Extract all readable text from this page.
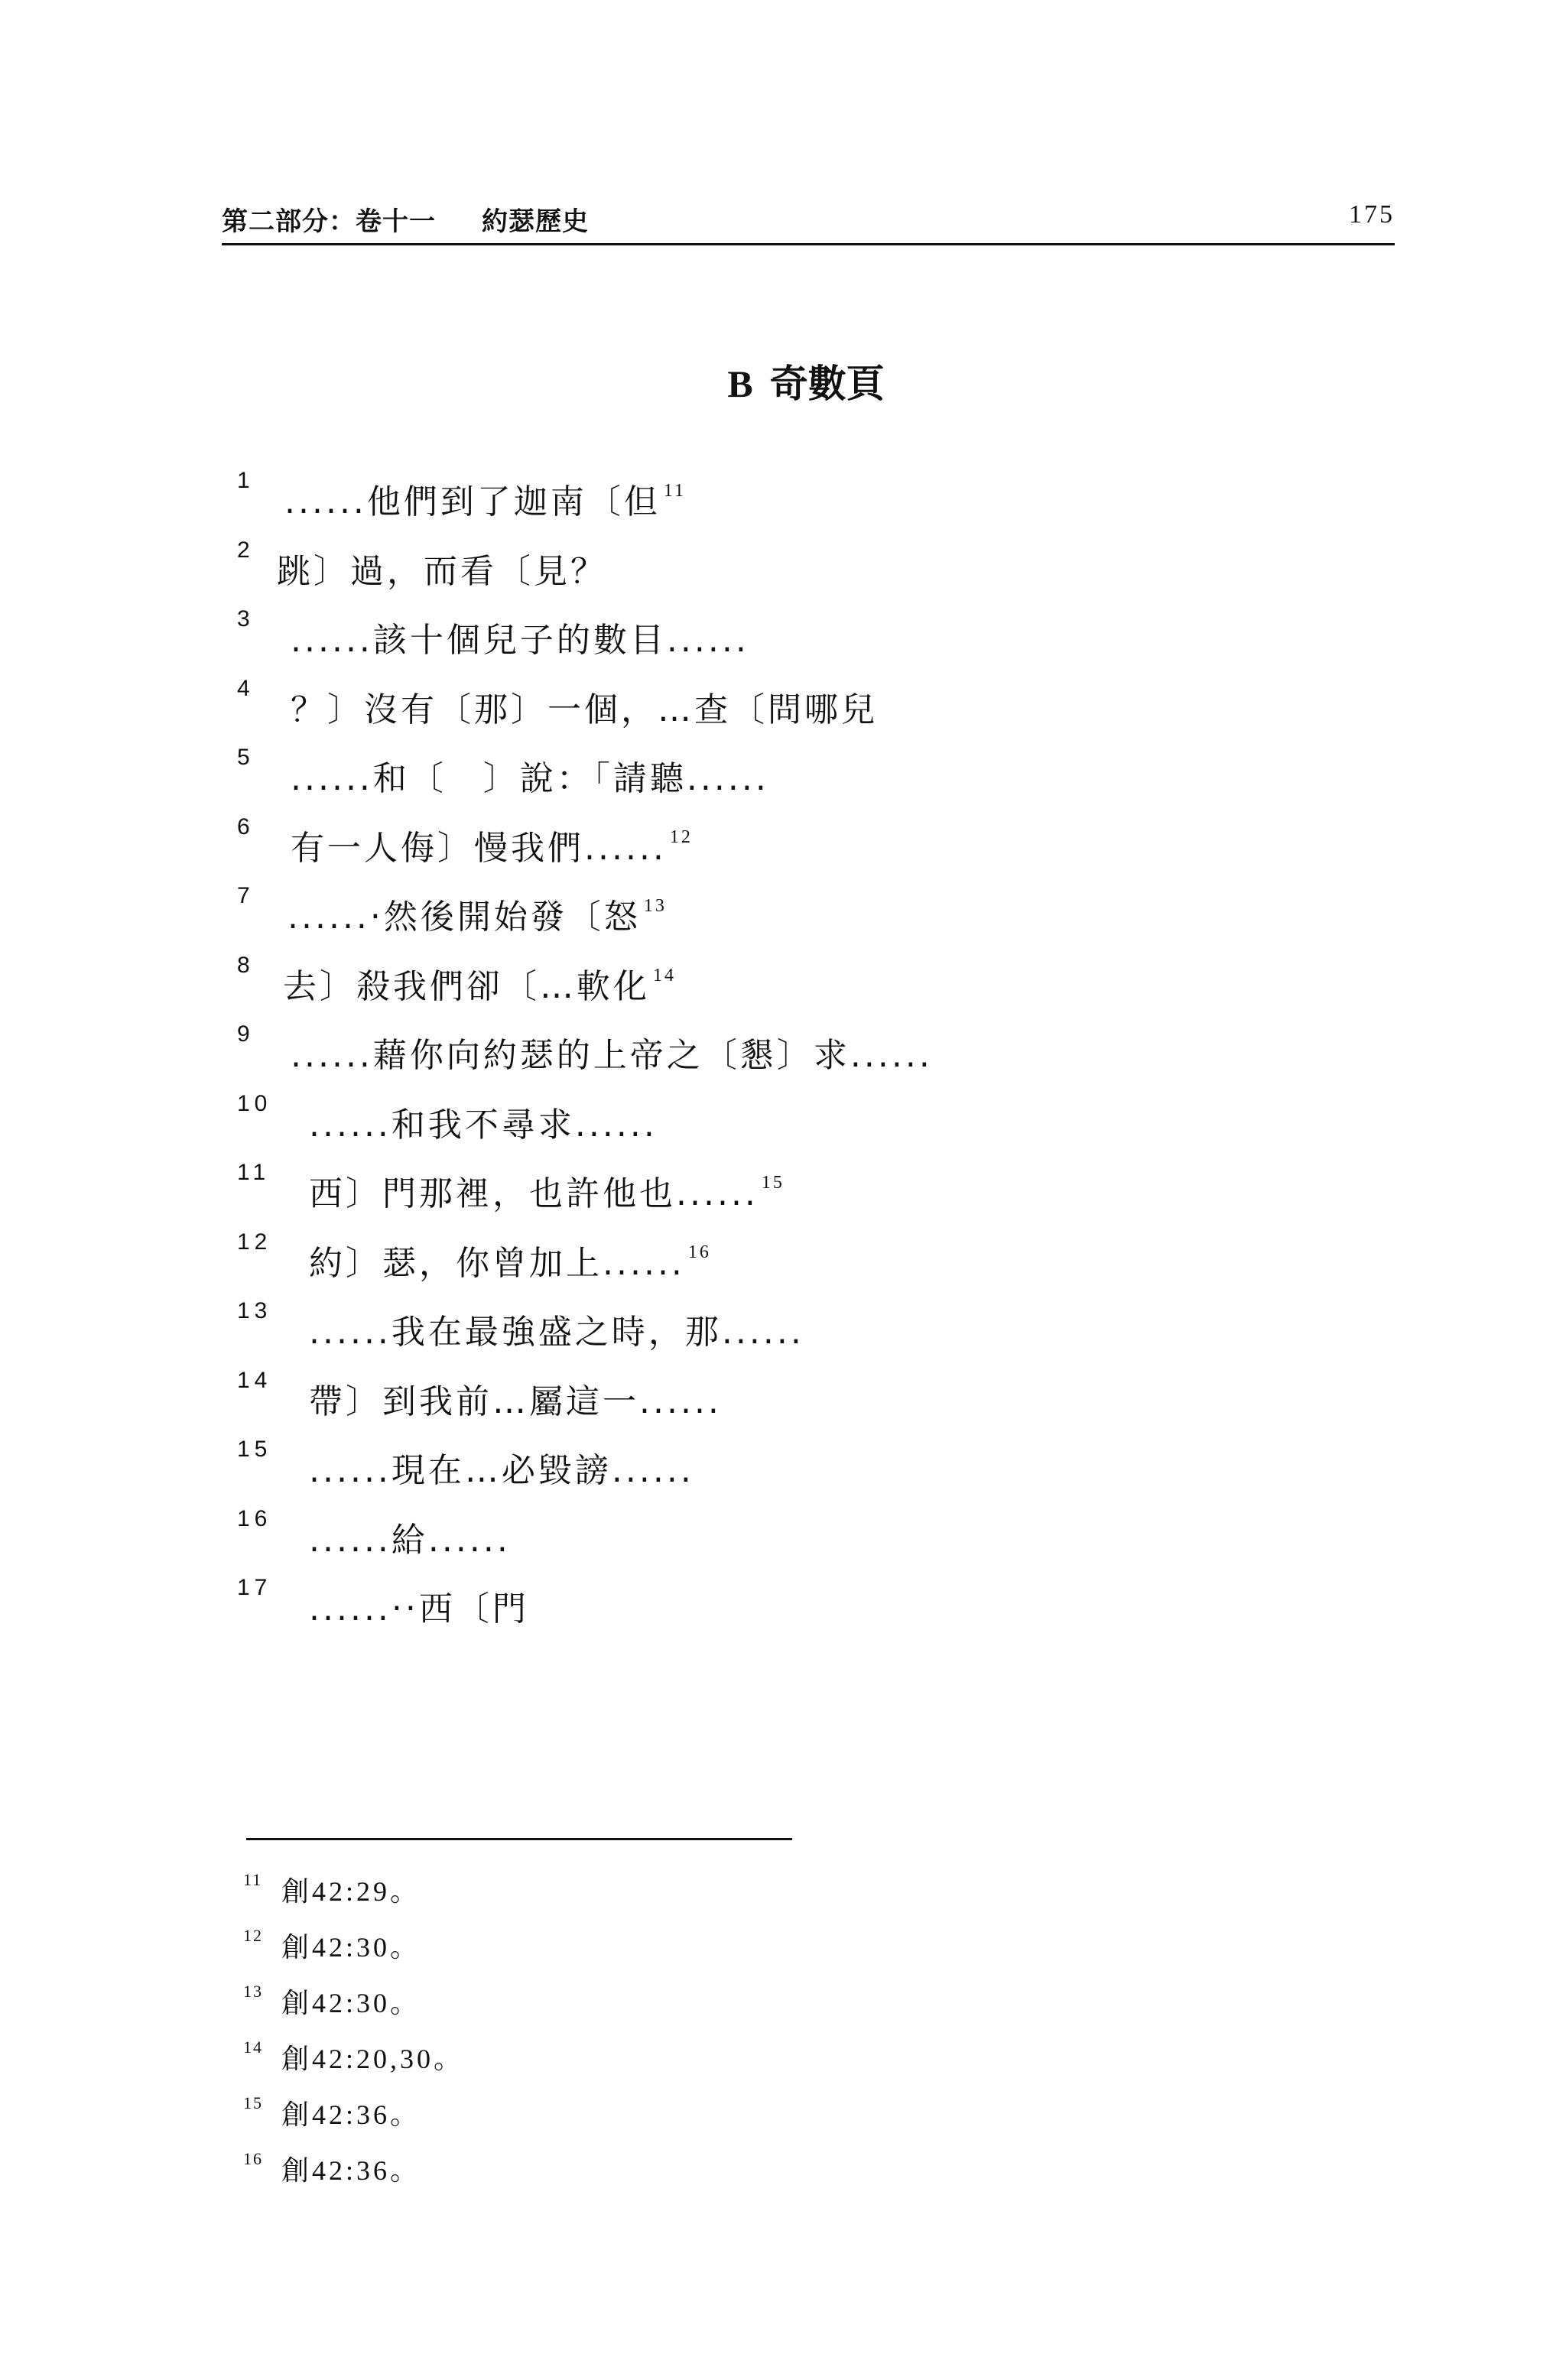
第二部分：卷十一 約瑟歷史	175
B 奇數頁
1
......他們到了迦南〔但 $^{11}$
2
跳〕過，而看〔見？
3
......該十個兒子的數目......
4
？〕沒有〔那〕一個，…查〔問哪兒
5
......和〔　〕說：「請聽......
6
有一人侮〕慢我們...... $^{12}$
7
......‧然後開始發〔怒 $^{13}$
8
去〕殺我們卻〔…軟化 $^{14}$
9
......藉你向約瑟的上帝之〔懇〕求......
10
......和我不尋求......
11
西〕門那裡，也許他也...... $^{15}$
12
約〕瑟，你曾加上...... $^{16}$
13
......我在最強盛之時，那......
14
帶〕到我前…屬這一......
15
......現在…必毀謗......
16
......給......
17
......‧‧西〔門
11 創42:29。
12 創42:30。
13 創42:30。
14 創42:20,30。
15 創42:36。
16 創42:36。
